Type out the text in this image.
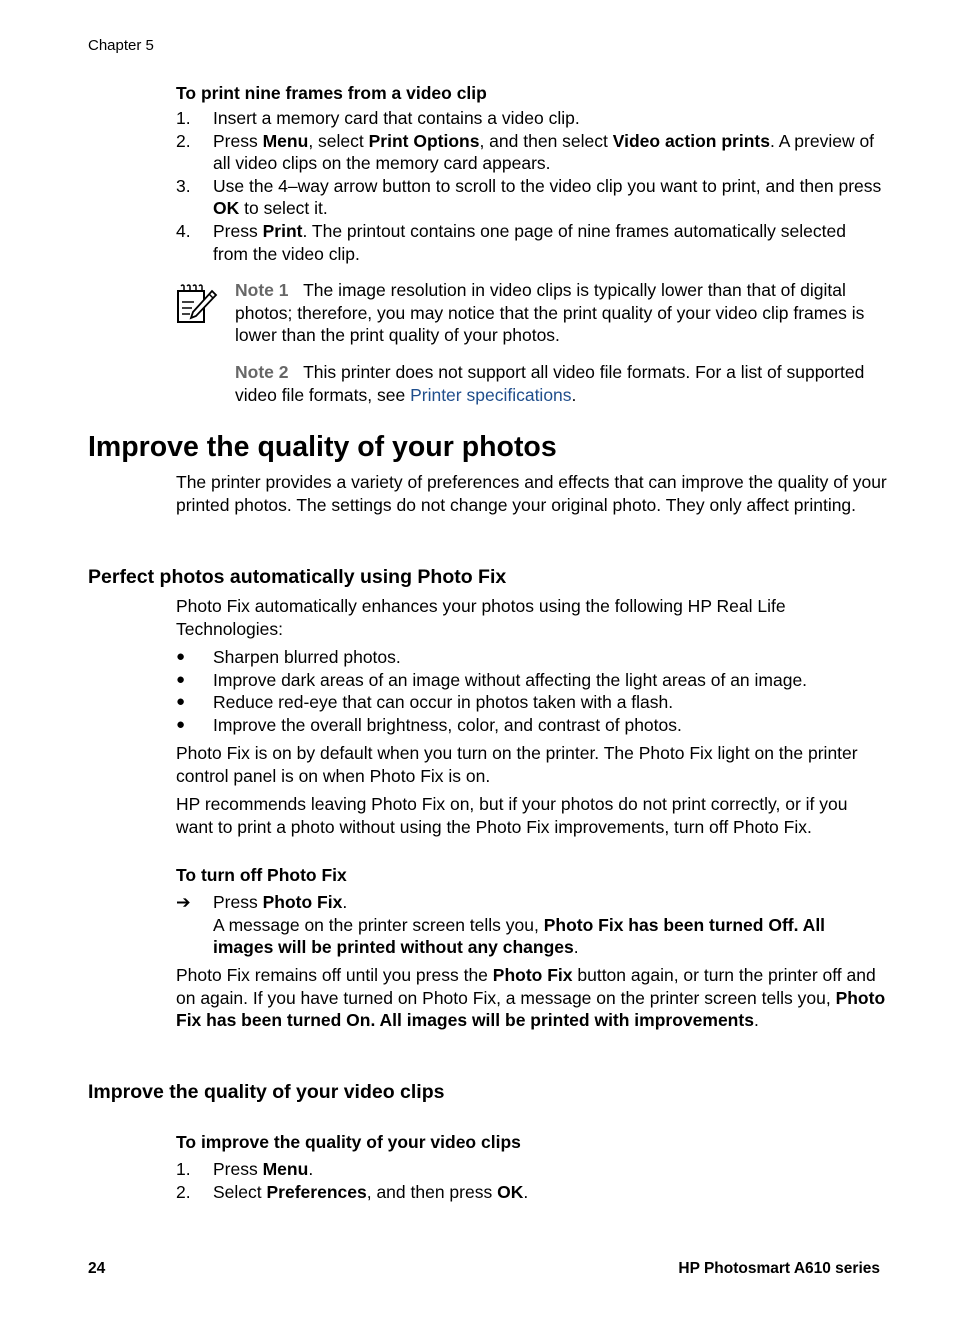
Chapter 5
To print nine frames from a video clip
1.	Insert a memory card that contains a video clip.
2.	Press Menu, select Print Options, and then select Video action prints. A preview of all video clips on the memory card appears.
3.	Use the 4–way arrow button to scroll to the video clip you want to print, and then press OK to select it.
4.	Press Print. The printout contains one page of nine frames automatically selected from the video clip.
Note 1 The image resolution in video clips is typically lower than that of digital photos; therefore, you may notice that the print quality of your video clip frames is lower than the print quality of your photos.
Note 2 This printer does not support all video file formats. For a list of supported video file formats, see Printer specifications.
Improve the quality of your photos
The printer provides a variety of preferences and effects that can improve the quality of your printed photos. The settings do not change your original photo. They only affect printing.
Perfect photos automatically using Photo Fix
Photo Fix automatically enhances your photos using the following HP Real Life Technologies:
● Sharpen blurred photos.
● Improve dark areas of an image without affecting the light areas of an image.
● Reduce red-eye that can occur in photos taken with a flash.
● Improve the overall brightness, color, and contrast of photos.
Photo Fix is on by default when you turn on the printer. The Photo Fix light on the printer control panel is on when Photo Fix is on.
HP recommends leaving Photo Fix on, but if your photos do not print correctly, or if you want to print a photo without using the Photo Fix improvements, turn off Photo Fix.
To turn off Photo Fix
➔	Press Photo Fix.
A message on the printer screen tells you, Photo Fix has been turned Off. All images will be printed without any changes.
Photo Fix remains off until you press the Photo Fix button again, or turn the printer off and on again. If you have turned on Photo Fix, a message on the printer screen tells you, Photo Fix has been turned On. All images will be printed with improvements.
Improve the quality of your video clips
To improve the quality of your video clips
1.	Press Menu.
2.	Select Preferences, and then press OK.
24	HP Photosmart A610 series
